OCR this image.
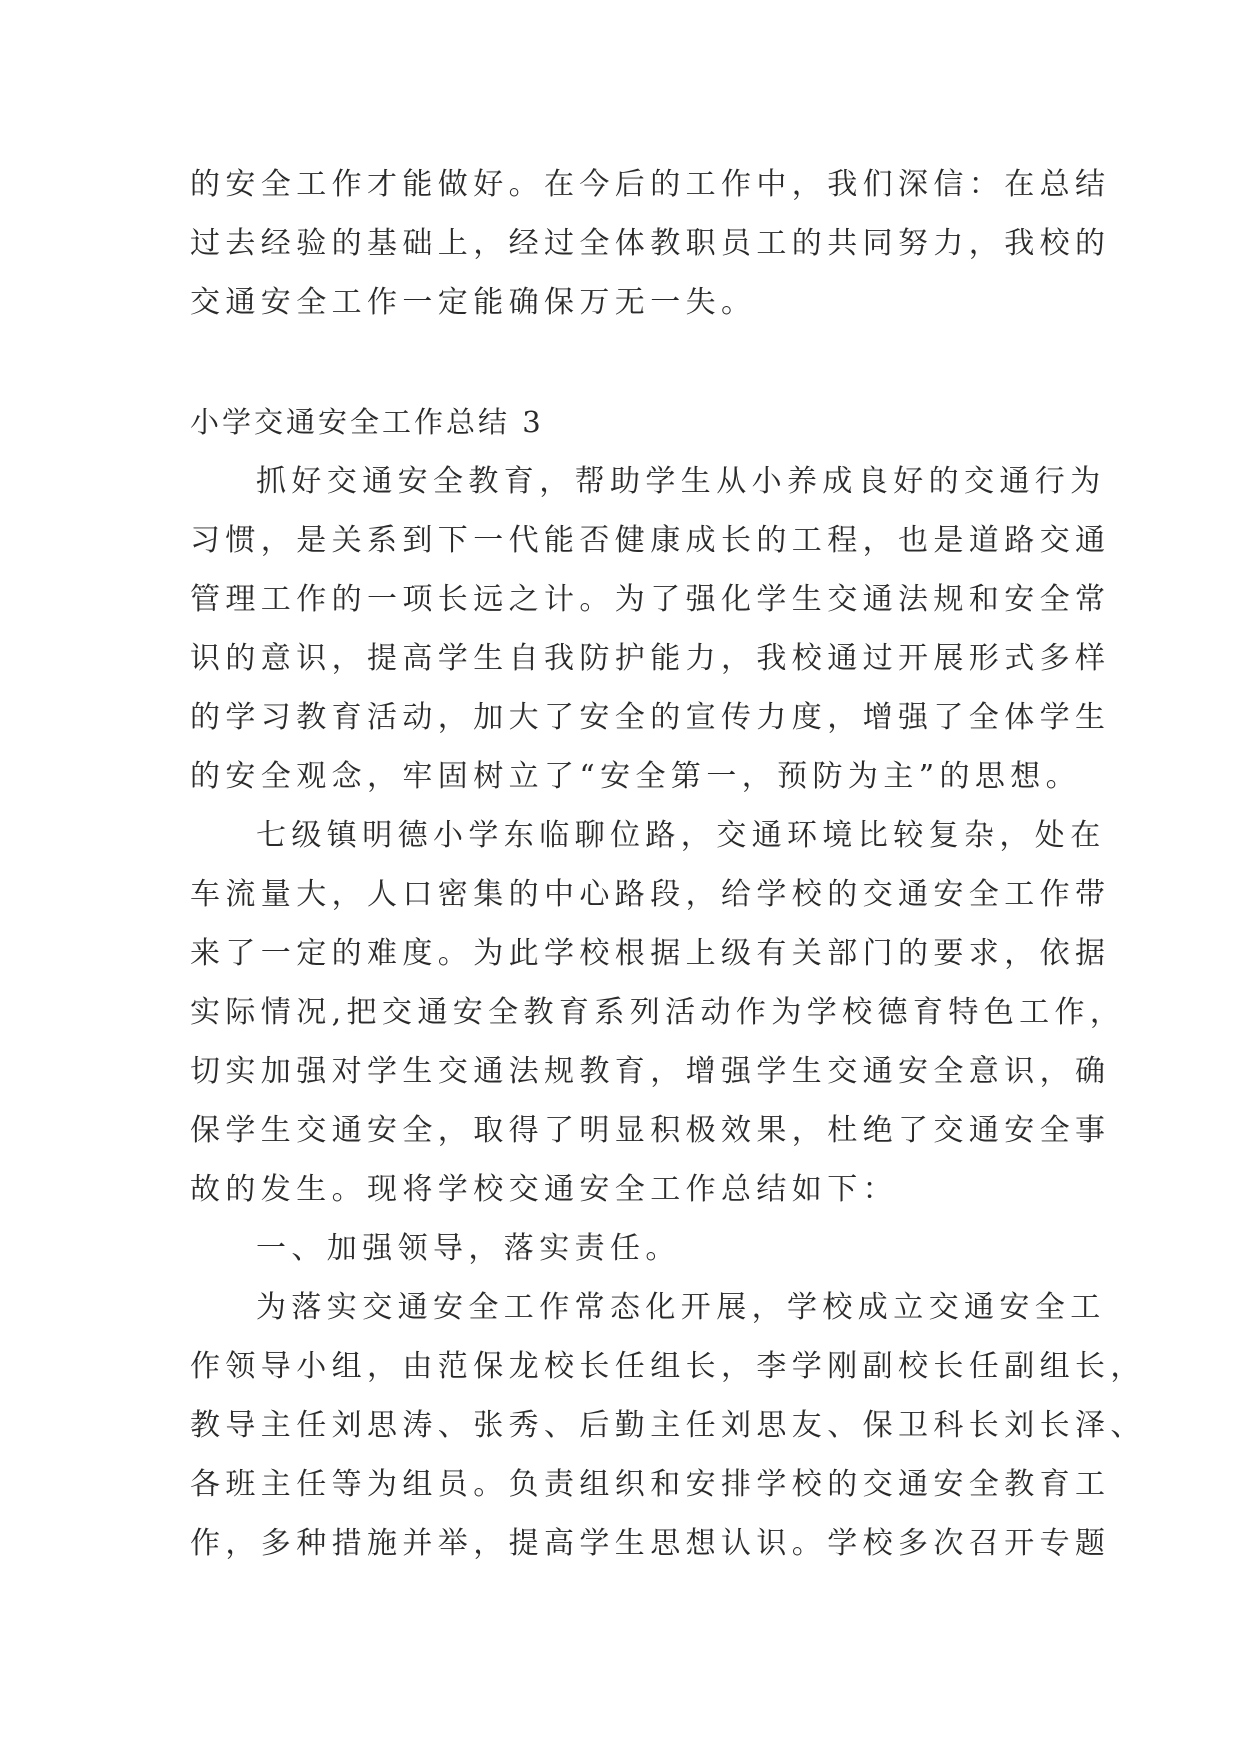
的安全工作才能做好。在今后的工作中，我们深信：在总结
过去经验的基础上，经过全体教职员工的共同努力，我校的
交通安全工作一定能确保万无一失。
小学交通安全工作总结 3
抓好交通安全教育，帮助学生从小养成良好的交通行为
习惯，是关系到下一代能否健康成长的工程，也是道路交通
管理工作的一项长远之计。为了强化学生交通法规和安全常
识的意识，提高学生自我防护能力，我校通过开展形式多样
的学习教育活动，加大了安全的宣传力度，增强了全体学生
的安全观念，牢固树立了“安全第一，预防为主”的思想。
七级镇明德小学东临聊位路，交通环境比较复杂，处在
车流量大，人口密集的中心路段，给学校的交通安全工作带
来了一定的难度。为此学校根据上级有关部门的要求，依据
实际情况,把交通安全教育系列活动作为学校德育特色工作，
切实加强对学生交通法规教育，增强学生交通安全意识，确
保学生交通安全，取得了明显积极效果，杜绝了交通安全事
故的发生。现将学校交通安全工作总结如下：
一、加强领导，落实责任。
为落实交通安全工作常态化开展，学校成立交通安全工
作领导小组，由范保龙校长任组长，李学刚副校长任副组长，
教导主任刘思涛、张秀、后勤主任刘思友、保卫科长刘长泽、
各班主任等为组员。负责组织和安排学校的交通安全教育工
作，多种措施并举，提高学生思想认识。学校多次召开专题
